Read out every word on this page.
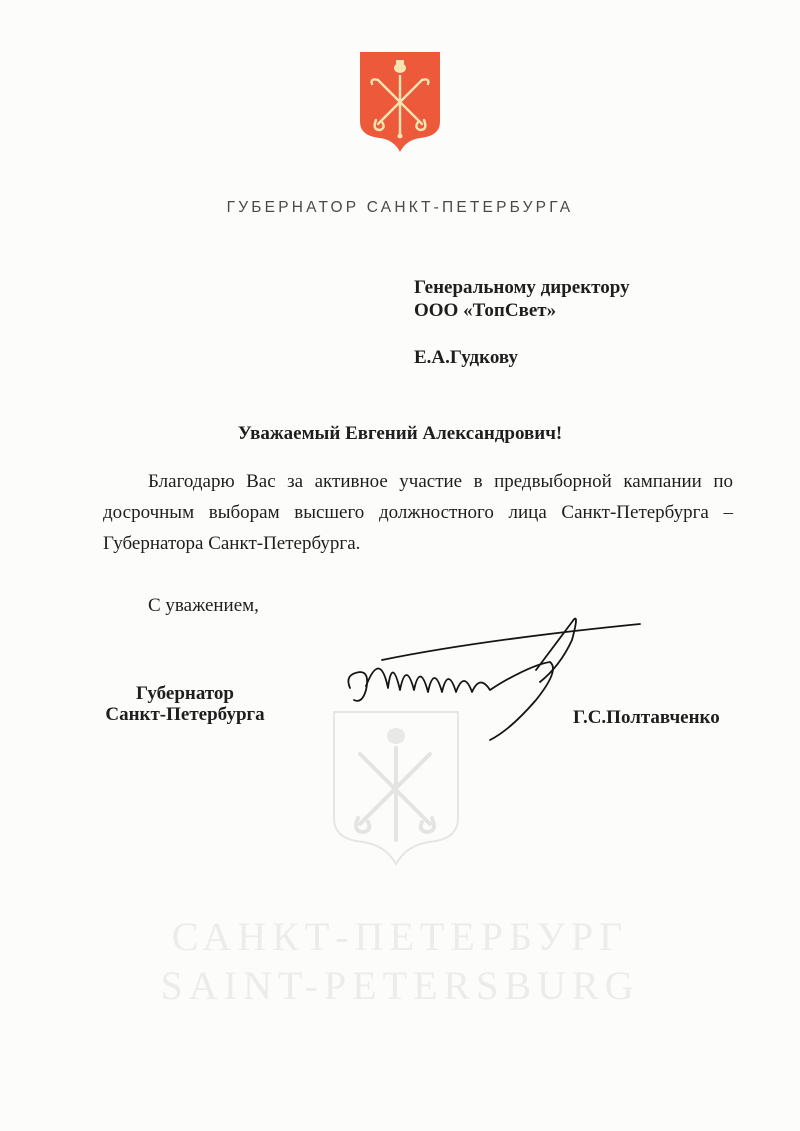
ГУБЕРНАТОР САНКТ-ПЕТЕРБУРГА
Генеральному директору
ООО «ТопСвет»
Е.А.Гудкову
Уважаемый Евгений Александрович!
Благодарю Вас за активное участие в предвыборной кампании по досрочным выборам высшего должностного лица Санкт-Петербурга – Губернатора Санкт-Петербурга.
С уважением,
САНКТ-ПЕТЕРБУРГ
SAINT-PETERSBURG
Губернатор
Санкт-Петербурга	Г.С.Полтавченко
